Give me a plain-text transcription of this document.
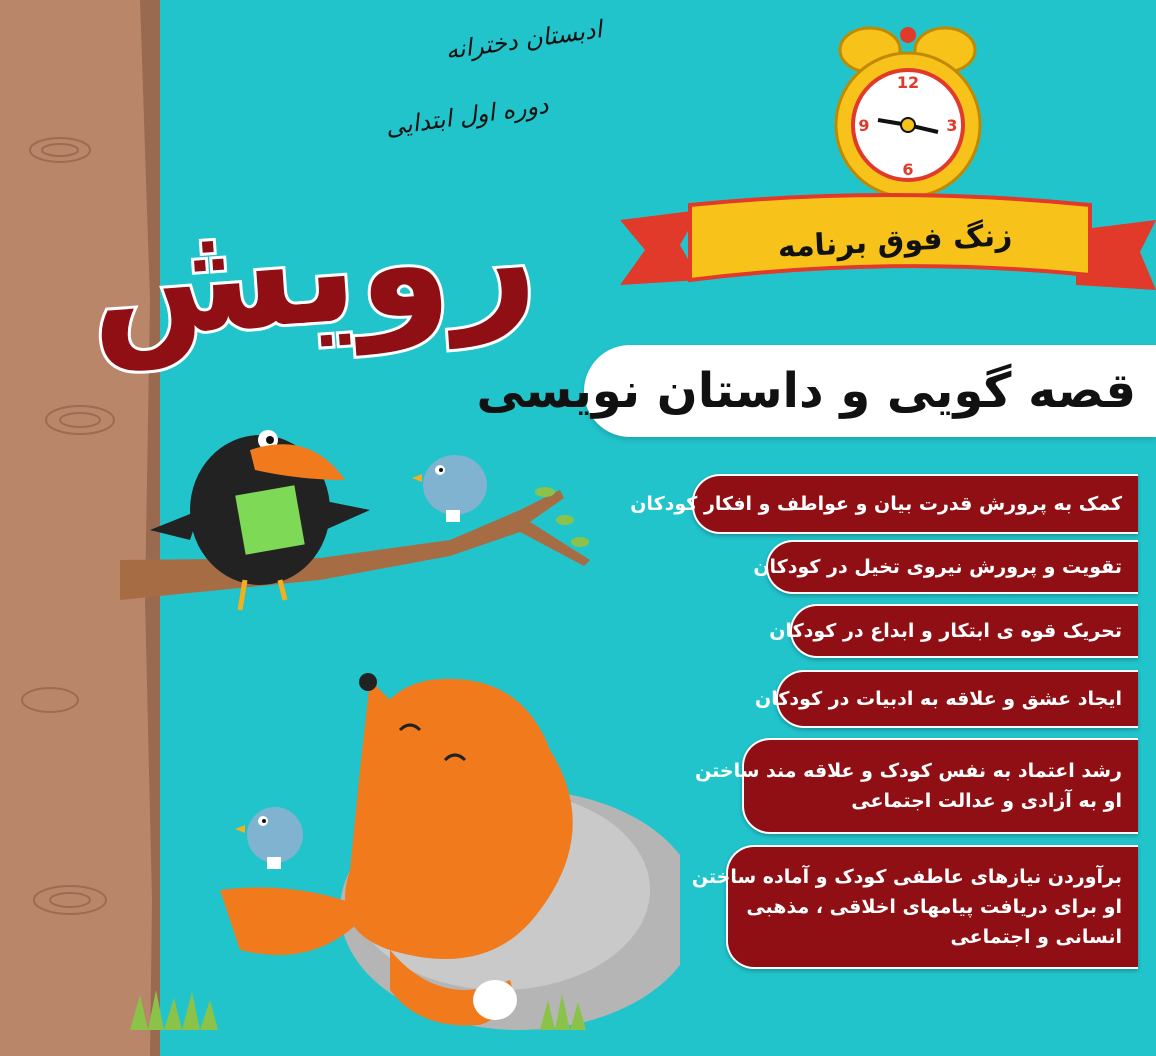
ادبستان دخترانه
دوره اول ابتدایی
رویش
12
3
6
9
زنگ فوق برنامه
قصه گویی و داستان نویسی
کمک به پرورش قدرت بیان و عواطف و افکار کودکان
تقویت و پرورش نیروی تخیل در کودکان
تحریک قوه ی ابتکار و ابداع در کودکان
ایجاد عشق و علاقه به ادبیات در کودکان
رشد اعتماد به نفس کودک و علاقه مند ساختن
او به آزادی و عدالت اجتماعی
برآوردن نیازهای عاطفی کودک و آماده ساختن
او برای دریافت پیامهای اخلاقی ، مذهبی
انسانی و اجتماعی
